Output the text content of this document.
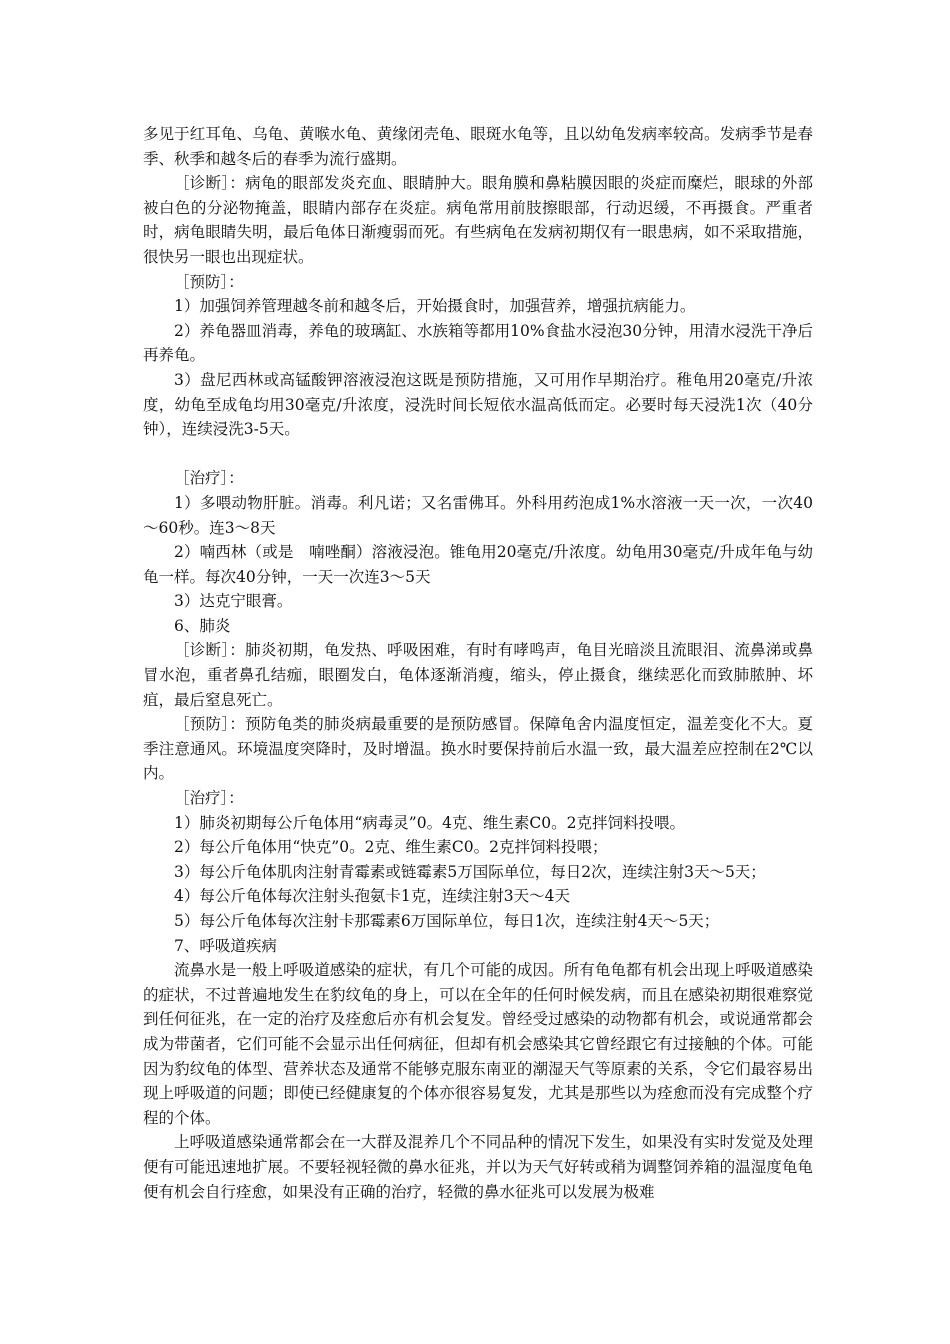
多见于红耳龟、乌龟、黄喉水龟、黄缘闭壳龟、眼斑水龟等，且以幼龟发病率较高。发病季节是春季、秋季和越冬后的春季为流行盛期。

［诊断］：病龟的眼部发炎充血、眼睛肿大。眼角膜和鼻粘膜因眼的炎症而糜烂，眼球的外部被白色的分泌物掩盖，眼睛内部存在炎症。病龟常用前肢擦眼部，行动迟缓，不再摄食。严重者时，病龟眼睛失明，最后龟体日渐瘦弱而死。有些病龟在发病初期仅有一眼患病，如不采取措施，很快另一眼也出现症状。

［预防］：

1）加强饲养管理越冬前和越冬后，开始摄食时，加强营养，增强抗病能力。

2）养龟器皿消毒，养龟的玻璃缸、水族箱等都用10%食盐水浸泡30分钟，用清水浸洗干净后再养龟。

3）盘尼西林或高锰酸钾溶液浸泡这既是预防措施，又可用作早期治疗。稚龟用20毫克/升浓度，幼龟至成龟均用30毫克/升浓度，浸洗时间长短依水温高低而定。必要时每天浸洗1次（40分钟），连续浸洗3-5天。

［治疗］：

1）多喂动物肝脏。消毒。利凡诺；又名雷佛耳。外科用药泡成1%水溶液一天一次，一次40～60秒。连3～8天

2）喃西林（或是　喃唑酮）溶液浸泡。锥龟用20毫克/升浓度。幼龟用30毫克/升成年龟与幼龟一样。每次40分钟，一天一次连3～5天

3）达克宁眼膏。

6、肺炎

［诊断］：肺炎初期，龟发热、呼吸困难，有时有哮鸣声，龟目光暗淡且流眼泪、流鼻涕或鼻冒水泡，重者鼻孔结痂，眼圈发白，龟体逐渐消瘦，缩头，停止摄食，继续恶化而致肺脓肿、坏疽，最后窒息死亡。

［预防］：预防龟类的肺炎病最重要的是预防感冒。保障龟舍内温度恒定，温差变化不大。夏季注意通风。环境温度突降时，及时增温。换水时要保持前后水温一致，最大温差应控制在2℃以内。

［治疗］：

1）肺炎初期每公斤龟体用“病毒灵”0。4克、维生素C0。2克拌饲料投喂。

2）每公斤龟体用“快克”0。2克、维生素C0。2克拌饲料投喂；

3）每公斤龟体肌肉注射青霉素或链霉素5万国际单位，每日2次，连续注射3天～5天；

4）每公斤龟体每次注射头孢氨卡1克，连续注射3天～4天

5）每公斤龟体每次注射卡那霉素6万国际单位，每日1次，连续注射4天～5天；

7、呼吸道疾病

流鼻水是一般上呼吸道感染的症状，有几个可能的成因。所有龟龟都有机会出现上呼吸道感染的症状，不过普遍地发生在豹纹龟的身上，可以在全年的任何时候发病，而且在感染初期很难察觉到任何征兆，在一定的治疗及痊愈后亦有机会复发。曾经受过感染的动物都有机会，或说通常都会成为带菌者，它们可能不会显示出任何病征，但却有机会感染其它曾经跟它有过接触的个体。可能因为豹纹龟的体型、营养状态及通常不能够克服东南亚的潮湿天气等原素的关系，令它们最容易出现上呼吸道的问题；即使已经健康复的个体亦很容易复发，尤其是那些以为痊愈而没有完成整个疗程的个体。

上呼吸道感染通常都会在一大群及混养几个不同品种的情况下发生，如果没有实时发觉及处理便有可能迅速地扩展。不要轻视轻微的鼻水征兆，并以为天气好转或稍为调整饲养箱的温湿度龟龟便有机会自行痊愈，如果没有正确的治疗，轻微的鼻水征兆可以发展为极难
